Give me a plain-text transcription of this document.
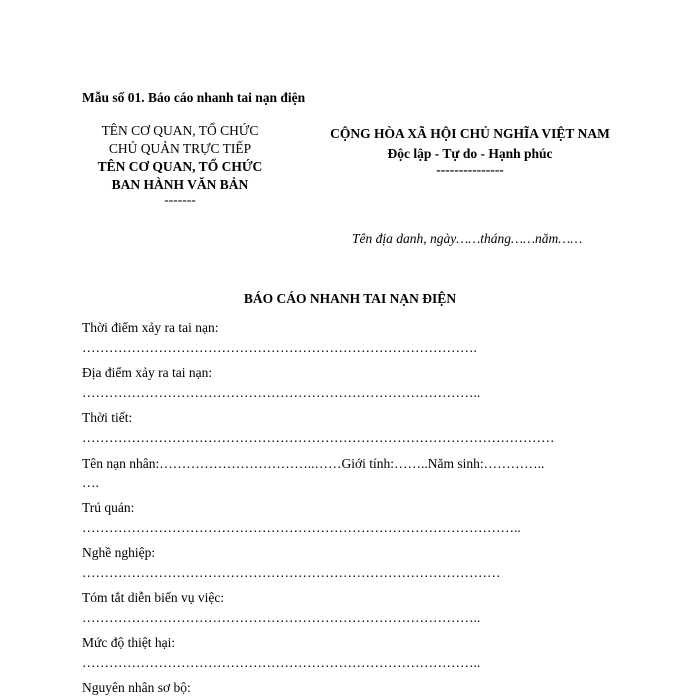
Mẫu số 01. Báo cáo nhanh tai nạn điện
TÊN CƠ QUAN, TỔ CHỨC
CHỦ QUẢN TRỰC TIẾP
TÊN CƠ QUAN, TỔ CHỨC
BAN HÀNH VĂN BẢN
-------
CỘNG HÒA XÃ HỘI CHỦ NGHĨA VIỆT NAM
Độc lập - Tự do - Hạnh phúc
---------------
Tên địa danh, ngày……tháng……năm……
BÁO CÁO NHANH TAI NẠN ĐIỆN
Thời điểm xảy ra tai nạn:
…………………………………………………………………………….
Địa điểm xảy ra tai nạn:
……………………………………………………………………………..
Thời tiết:
……………………………………………………………………………………………
Tên nạn nhân:……………………………..……Giới tính:……..Năm sinh:…………..
….
Trú quán:
……………………………………………………………………………………..
Nghề nghiệp:
…………………………………………………………………………………
Tóm tắt diễn biến vụ việc:
……………………………………………………………………………..
Mức độ thiệt hại:
……………………………………………………………………………..
Nguyên nhân sơ bộ:
